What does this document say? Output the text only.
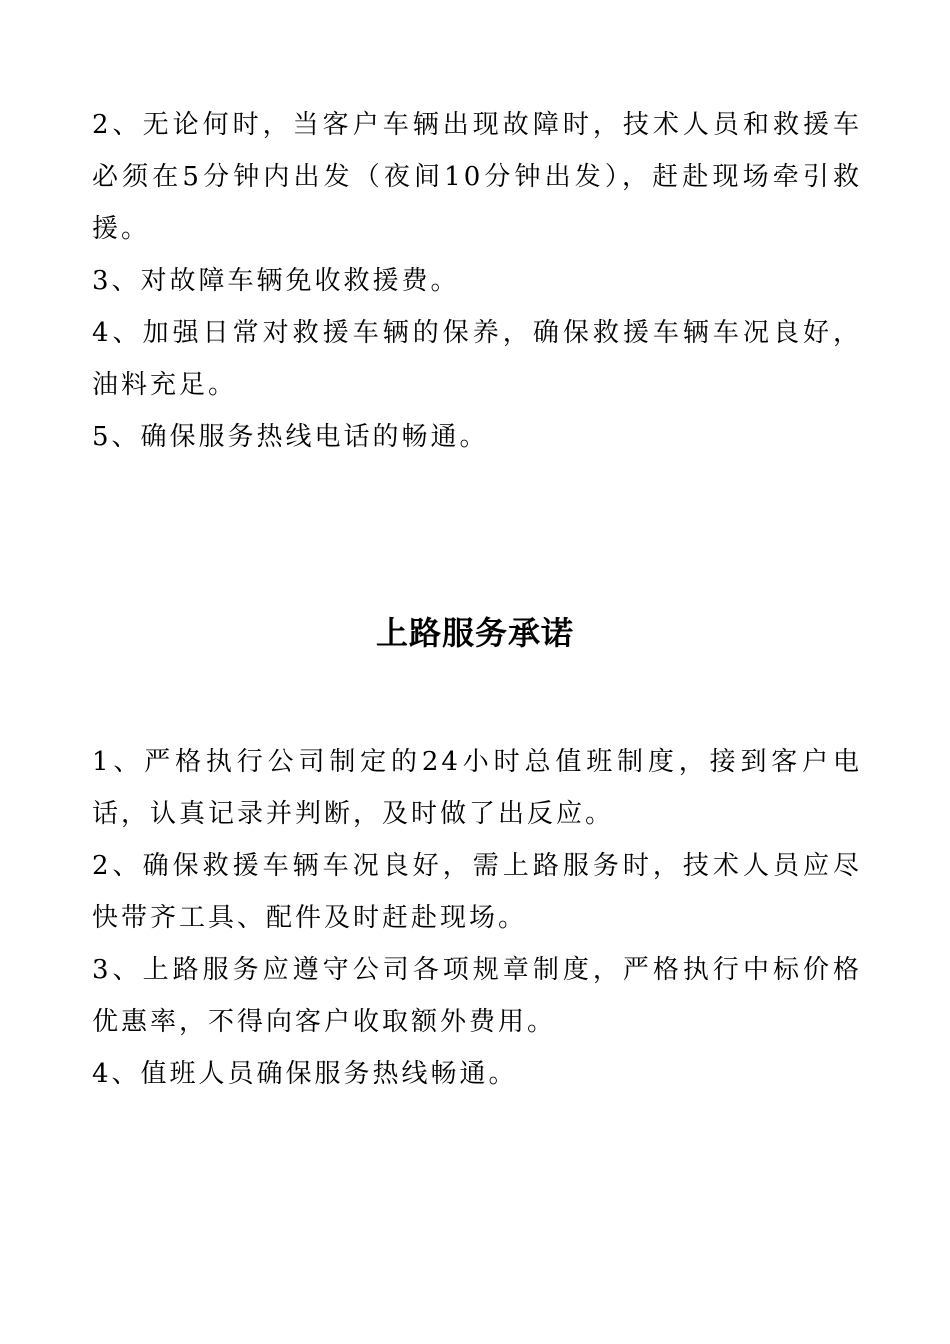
2、无论何时，当客户车辆出现故障时，技术人员和救援车必须在5分钟内出发（夜间10分钟出发），赶赴现场牵引救援。

3、对故障车辆免收救援费。

4、加强日常对救援车辆的保养，确保救援车辆车况良好，油料充足。

5、确保服务热线电话的畅通。

上路服务承诺

1、严格执行公司制定的24小时总值班制度，接到客户电话，认真记录并判断，及时做了出反应。

2、确保救援车辆车况良好，需上路服务时，技术人员应尽快带齐工具、配件及时赶赴现场。

3、上路服务应遵守公司各项规章制度，严格执行中标价格优惠率，不得向客户收取额外费用。

4、值班人员确保服务热线畅通。
